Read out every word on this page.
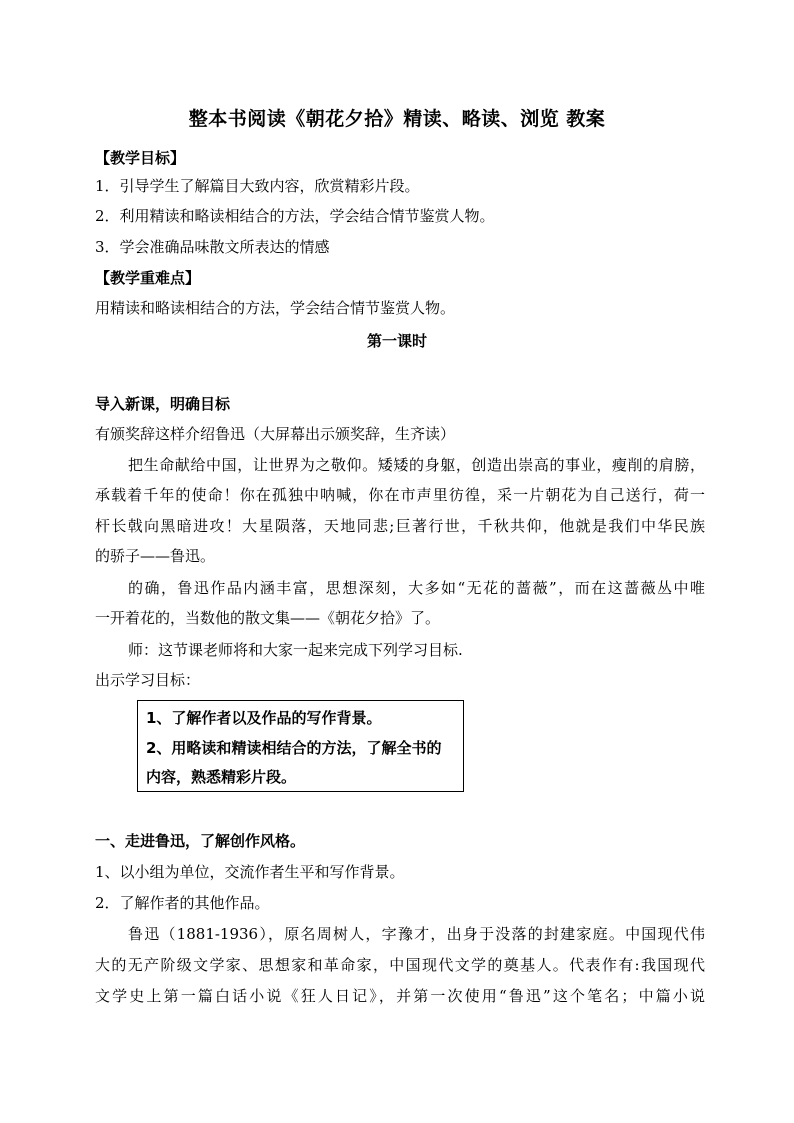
整本书阅读《朝花夕拾》精读、略读、浏览 教案
【教学目标】
1．引导学生了解篇目大致内容，欣赏精彩片段。
2．利用精读和略读相结合的方法，学会结合情节鉴赏人物。
3．学会准确品味散文所表达的情感
【教学重难点】
用精读和略读相结合的方法，学会结合情节鉴赏人物。
第一课时
导入新课，明确目标
有颁奖辞这样介绍鲁迅（大屏幕出示颁奖辞，生齐读）
把生命献给中国，让世界为之敬仰。矮矮的身躯，创造出崇高的事业，瘦削的肩膀，
承载着千年的使命！你在孤独中呐喊，你在市声里彷徨，采一片朝花为自己送行，荷一
杆长戟向黑暗进攻！大星陨落，天地同悲;巨著行世，千秋共仰，他就是我们中华民族
的骄子——鲁迅。
的确，鲁迅作品内涵丰富，思想深刻，大多如“无花的蔷薇”，而在这蔷薇丛中唯
一开着花的，当数他的散文集——《朝花夕拾》了。
师：这节课老师将和大家一起来完成下列学习目标.
出示学习目标：
1、了解作者以及作品的写作背景。
2、用略读和精读相结合的方法，了解全书的
内容，熟悉精彩片段。
一、走进鲁迅，了解创作风格。
1、以小组为单位，交流作者生平和写作背景。
2．了解作者的其他作品。
鲁迅（1881-1936），原名周树人，字豫才，出身于没落的封建家庭。中国现代伟
大的无产阶级文学家、思想家和革命家，中国现代文学的奠基人。代表作有:我国现代
文学史上第一篇白话小说《狂人日记》，并第一次使用“鲁迅”这个笔名；中篇小说
